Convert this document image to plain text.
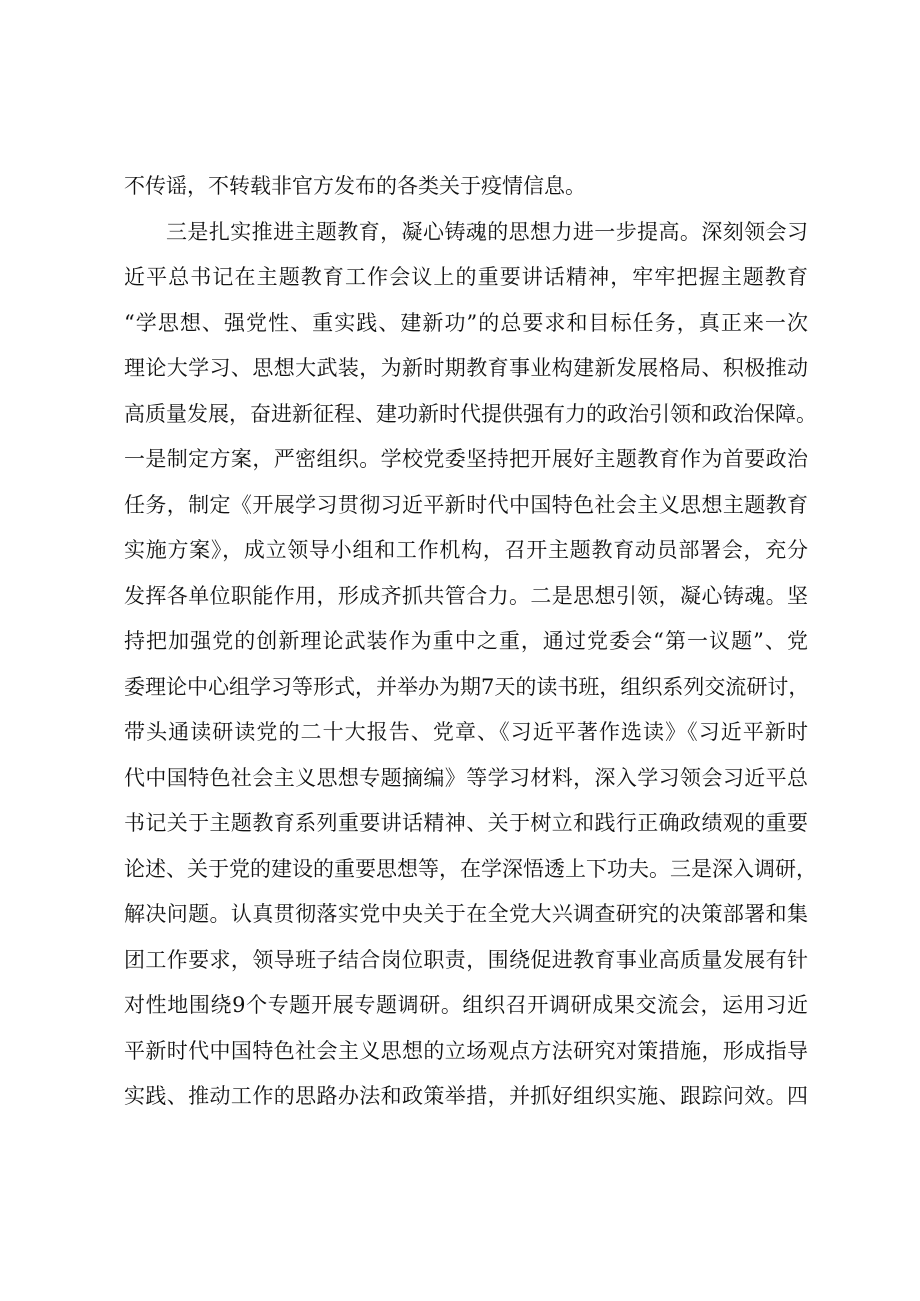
不传谣，不转载非官方发布的各类关于疫情信息。
三是扎实推进主题教育，凝心铸魂的思想力进一步提高。深刻领会习
近平总书记在主题教育工作会议上的重要讲话精神，牢牢把握主题教育
“学思想、强党性、重实践、建新功”的总要求和目标任务，真正来一次
理论大学习、思想大武装，为新时期教育事业构建新发展格局、积极推动
高质量发展，奋进新征程、建功新时代提供强有力的政治引领和政治保障。
一是制定方案，严密组织。学校党委坚持把开展好主题教育作为首要政治
任务，制定《开展学习贯彻习近平新时代中国特色社会主义思想主题教育
实施方案》，成立领导小组和工作机构，召开主题教育动员部署会，充分
发挥各单位职能作用，形成齐抓共管合力。二是思想引领，凝心铸魂。坚
持把加强党的创新理论武装作为重中之重，通过党委会“第一议题”、党
委理论中心组学习等形式，并举办为期7天的读书班，组织系列交流研讨，
带头通读研读党的二十大报告、党章、《习近平著作选读》《习近平新时
代中国特色社会主义思想专题摘编》等学习材料，深入学习领会习近平总
书记关于主题教育系列重要讲话精神、关于树立和践行正确政绩观的重要
论述、关于党的建设的重要思想等，在学深悟透上下功夫。三是深入调研，
解决问题。认真贯彻落实党中央关于在全党大兴调查研究的决策部署和集
团工作要求，领导班子结合岗位职责，围绕促进教育事业高质量发展有针
对性地围绕9个专题开展专题调研。组织召开调研成果交流会，运用习近
平新时代中国特色社会主义思想的立场观点方法研究对策措施，形成指导
实践、推动工作的思路办法和政策举措，并抓好组织实施、跟踪问效。四
